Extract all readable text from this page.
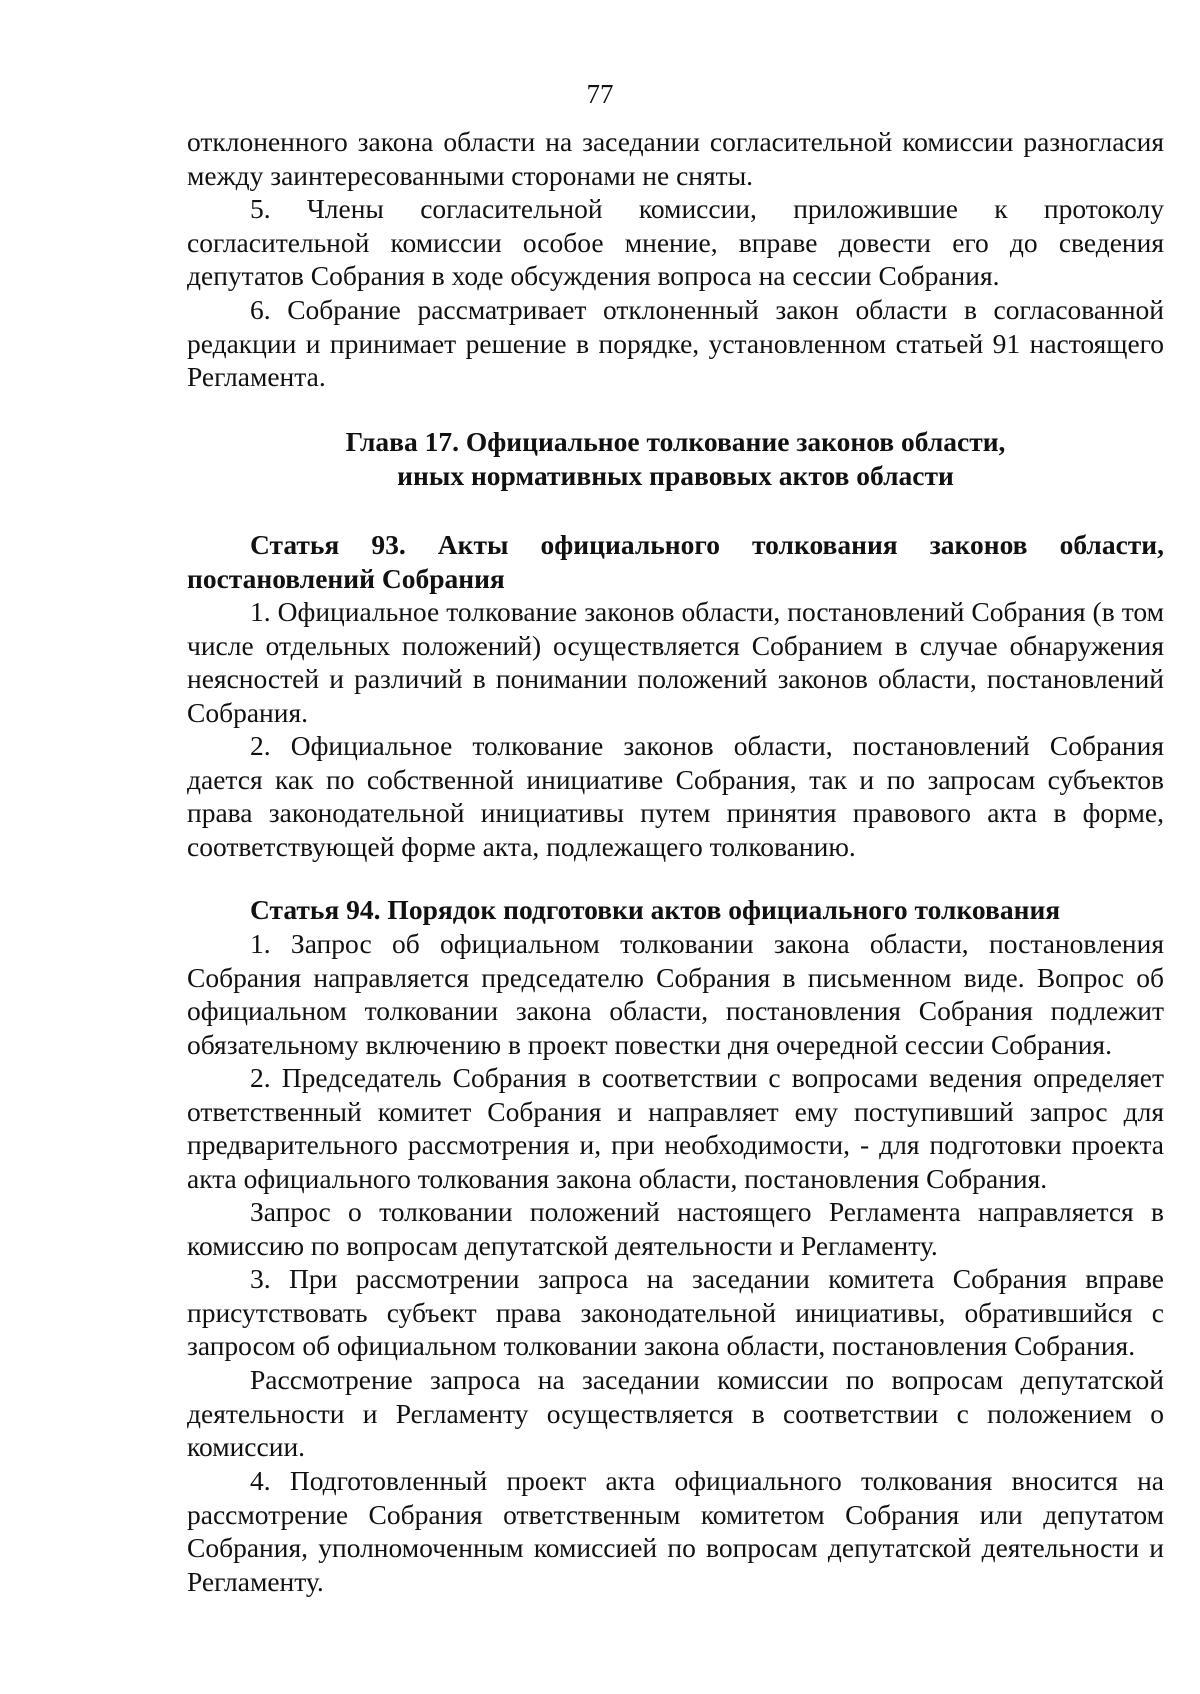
77

отклоненного закона области на заседании согласительной комиссии разногласия между заинтересованными сторонами не сняты.

5. Члены согласительной комиссии, приложившие к протоколу согласительной комиссии особое мнение, вправе довести его до сведения депутатов Собрания в ходе обсуждения вопроса на сессии Собрания.

6. Собрание рассматривает отклоненный закон области в согласованной редакции и принимает решение в порядке, установленном статьей 91 настоящего Регламента.

Глава 17. Официальное толкование законов области,
иных нормативных правовых актов области

Статья 93. Акты официального толкования законов области, постановлений Собрания

1. Официальное толкование законов области, постановлений Собрания (в том числе отдельных положений) осуществляется Собранием в случае обнаружения неясностей и различий в понимании положений законов области, постановлений Собрания.

2. Официальное толкование законов области, постановлений Собрания дается как по собственной инициативе Собрания, так и по запросам субъектов права законодательной инициативы путем принятия правового акта в форме, соответствующей форме акта, подлежащего толкованию.

Статья 94. Порядок подготовки актов официального толкования

1. Запрос об официальном толковании закона области, постановления Собрания направляется председателю Собрания в письменном виде. Вопрос об официальном толковании закона области, постановления Собрания подлежит обязательному включению в проект повестки дня очередной сессии Собрания.

2. Председатель Собрания в соответствии с вопросами ведения определяет ответственный комитет Собрания и направляет ему поступивший запрос для предварительного рассмотрения и, при необходимости, - для подготовки проекта акта официального толкования закона области, постановления Собрания.

Запрос о толковании положений настоящего Регламента направляется в комиссию по вопросам депутатской деятельности и Регламенту.

3. При рассмотрении запроса на заседании комитета Собрания вправе присутствовать субъект права законодательной инициативы, обратившийся с запросом об официальном толковании закона области, постановления Собрания.

Рассмотрение запроса на заседании комиссии по вопросам депутатской деятельности и Регламенту осуществляется в соответствии с положением о комиссии.

4. Подготовленный проект акта официального толкования вносится на рассмотрение Собрания ответственным комитетом Собрания или депутатом Собрания, уполномоченным комиссией по вопросам депутатской деятельности и Регламенту.
